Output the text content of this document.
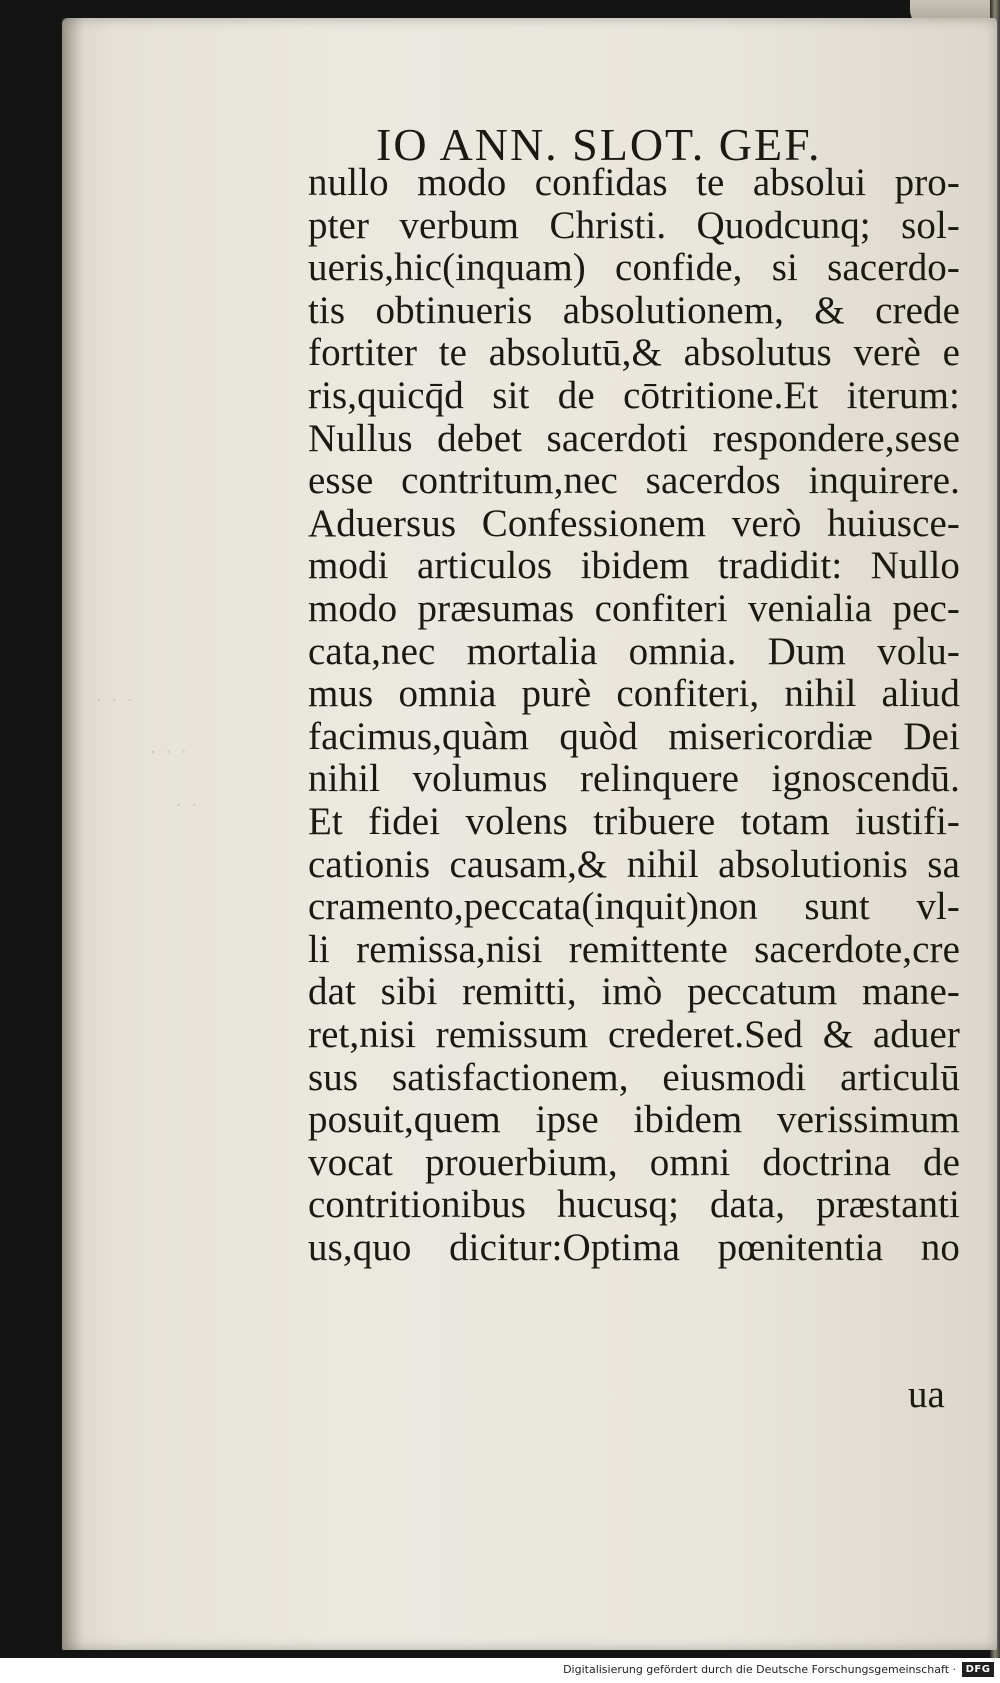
· · ·
· · ·
· ·
IO ANN. SLOT. GEF.
nullo modo confidas te absolui pro-
pter verbum Christi. Quodcunq; sol-
ueris,hic(inquam) confide, si sacerdo-
tis obtinueris absolutionem, & crede
fortiter te absolutū,& absolutus verè e
ris,quicq̄d sit de cōtritione.Et iterum:
Nullus debet sacerdoti respondere,sese
esse contritum,nec sacerdos inquirere.
Aduersus Confessionem verò huiusce-
modi articulos ibidem tradidit: Nullo
modo præsumas confiteri venialia pec-
cata,nec mortalia omnia. Dum volu-
mus omnia purè confiteri, nihil aliud
facimus,quàm quòd misericordiæ Dei
nihil volumus relinquere ignoscendū.
Et fidei volens tribuere totam iustifi-
cationis causam,& nihil absolutionis sa
cramento,peccata(inquit)non sunt vl-
li remissa,nisi remittente sacerdote,cre
dat sibi remitti, imò peccatum mane-
ret,nisi remissum crederet.Sed & aduer
sus satisfactionem, eiusmodi articulū
posuit,quem ipse ibidem verissimum
vocat prouerbium, omni doctrina de
contritionibus hucusq; data, præstanti
us,quo dicitur:Optima pœnitentia no
ua
Digitalisierung gefördert durch die Deutsche Forschungsgemeinschaft · DFG
